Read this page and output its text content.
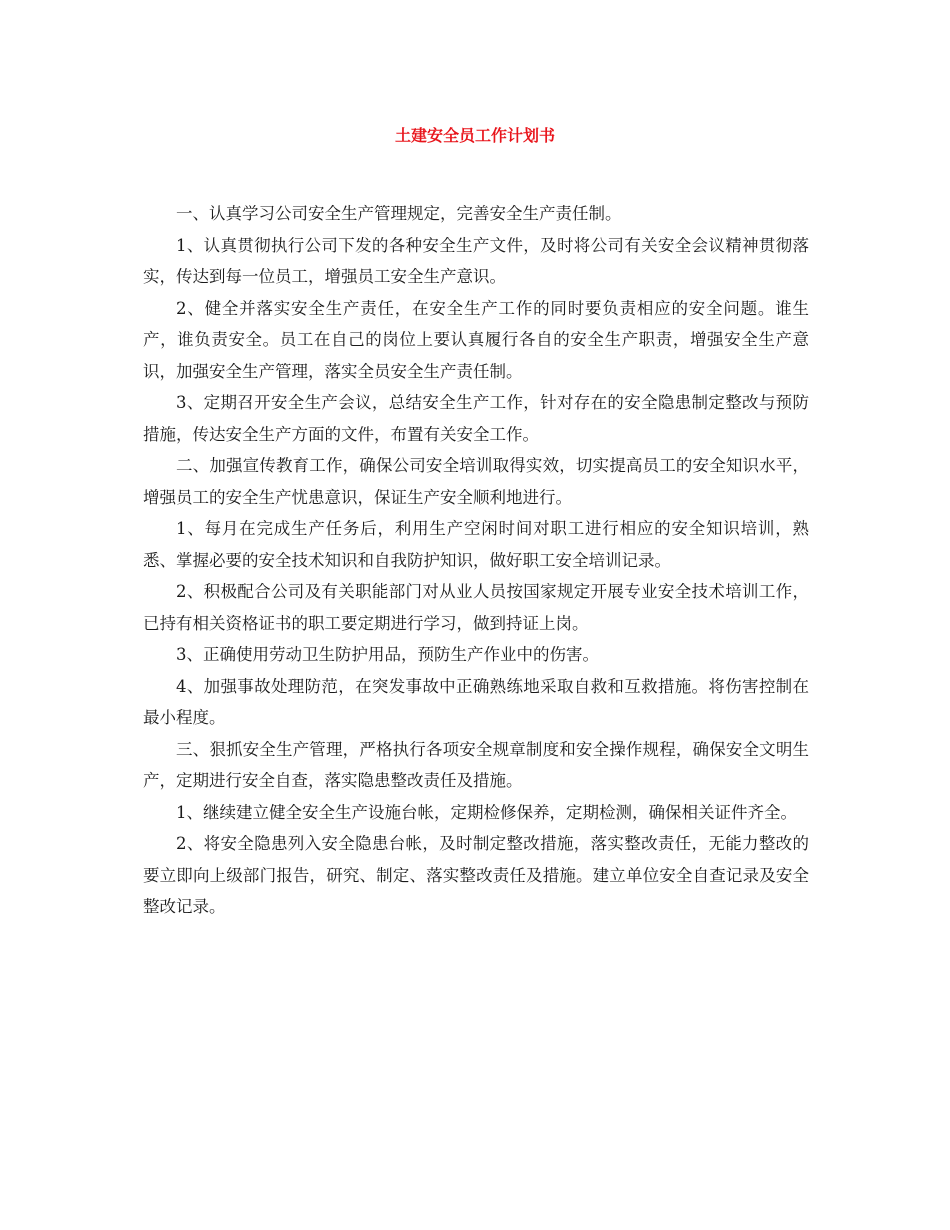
土建安全员工作计划书

一、认真学习公司安全生产管理规定，完善安全生产责任制。

1、认真贯彻执行公司下发的各种安全生产文件，及时将公司有关安全会议精神贯彻落实，传达到每一位员工，增强员工安全生产意识。

2、健全并落实安全生产责任，在安全生产工作的同时要负责相应的安全问题。谁生产，谁负责安全。员工在自己的岗位上要认真履行各自的安全生产职责，增强安全生产意识，加强安全生产管理，落实全员安全生产责任制。

3、定期召开安全生产会议，总结安全生产工作，针对存在的安全隐患制定整改与预防措施，传达安全生产方面的文件，布置有关安全工作。

二、加强宣传教育工作，确保公司安全培训取得实效，切实提高员工的安全知识水平，增强员工的安全生产忧患意识，保证生产安全顺利地进行。

1、每月在完成生产任务后，利用生产空闲时间对职工进行相应的安全知识培训，熟悉、掌握必要的安全技术知识和自我防护知识，做好职工安全培训记录。

2、积极配合公司及有关职能部门对从业人员按国家规定开展专业安全技术培训工作，已持有相关资格证书的职工要定期进行学习，做到持证上岗。

3、正确使用劳动卫生防护用品，预防生产作业中的伤害。

4、加强事故处理防范，在突发事故中正确熟练地采取自救和互救措施。将伤害控制在最小程度。

三、狠抓安全生产管理，严格执行各项安全规章制度和安全操作规程，确保安全文明生产，定期进行安全自查，落实隐患整改责任及措施。

1、继续建立健全安全生产设施台帐，定期检修保养，定期检测，确保相关证件齐全。

2、将安全隐患列入安全隐患台帐，及时制定整改措施，落实整改责任，无能力整改的要立即向上级部门报告，研究、制定、落实整改责任及措施。建立单位安全自查记录及安全整改记录。
